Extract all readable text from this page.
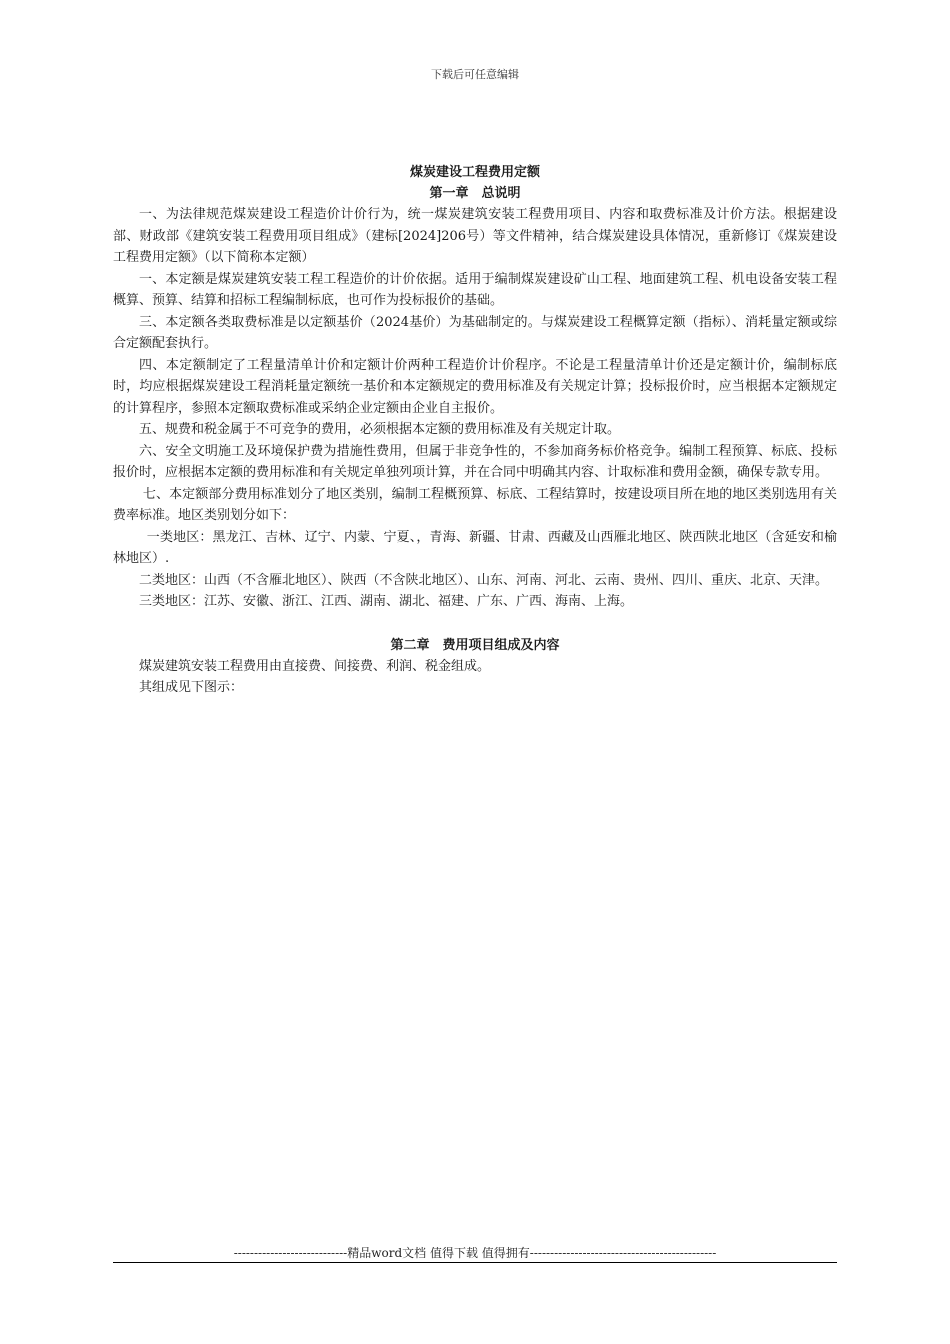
下载后可任意编辑
煤炭建设工程费用定额
第一章　总说明

一、为法律规范煤炭建设工程造价计价行为，统一煤炭建筑安装工程费用项目、内容和取费标准及计价方法。根据建设部、财政部《建筑安装工程费用项目组成》（建标[2024]206号）等文件精神，结合煤炭建设具体情况，重新修订《煤炭建设工程费用定额》（以下简称本定额）

一、本定额是煤炭建筑安装工程工程造价的计价依据。适用于编制煤炭建设矿山工程、地面建筑工程、机电设备安装工程概算、预算、结算和招标工程编制标底，也可作为投标报价的基础。

三、本定额各类取费标准是以定额基价（2024基价）为基础制定的。与煤炭建设工程概算定额（指标）、消耗量定额或综合定额配套执行。

四、本定额制定了工程量清单计价和定额计价两种工程造价计价程序。不论是工程量清单计价还是定额计价，编制标底时，均应根据煤炭建设工程消耗量定额统一基价和本定额规定的费用标准及有关规定计算；投标报价时，应当根据本定额规定的计算程序，参照本定额取费标准或采纳企业定额由企业自主报价。

五、规费和税金属于不可竞争的费用，必须根据本定额的费用标准及有关规定计取。

六、安全文明施工及环境保护费为措施性费用，但属于非竞争性的，不参加商务标价格竞争。编制工程预算、标底、投标报价时，应根据本定额的费用标准和有关规定单独列项计算，并在合同中明确其内容、计取标准和费用金额，确保专款专用。

七、本定额部分费用标准划分了地区类别，编制工程概预算、标底、工程结算时，按建设项目所在地的地区类别选用有关费率标准。地区类别划分如下：

一类地区：黑龙江、吉林、辽宁、内蒙、宁夏、，青海、新疆、甘肃、西藏及山西雁北地区、陕西陕北地区（含延安和榆林地区）.

二类地区：山西（不含雁北地区）、陕西（不含陕北地区）、山东、河南、河北、云南、贵州、四川、重庆、北京、天津。

三类地区：江苏、安徽、浙江、江西、湖南、湖北、福建、广东、广西、海南、上海。

第二章　费用项目组成及内容

煤炭建筑安装工程费用由直接费、间接费、利润、税金组成。

其组成见下图示：

----------------------------精品word文档 值得下载 值得拥有----------------------------------------------
